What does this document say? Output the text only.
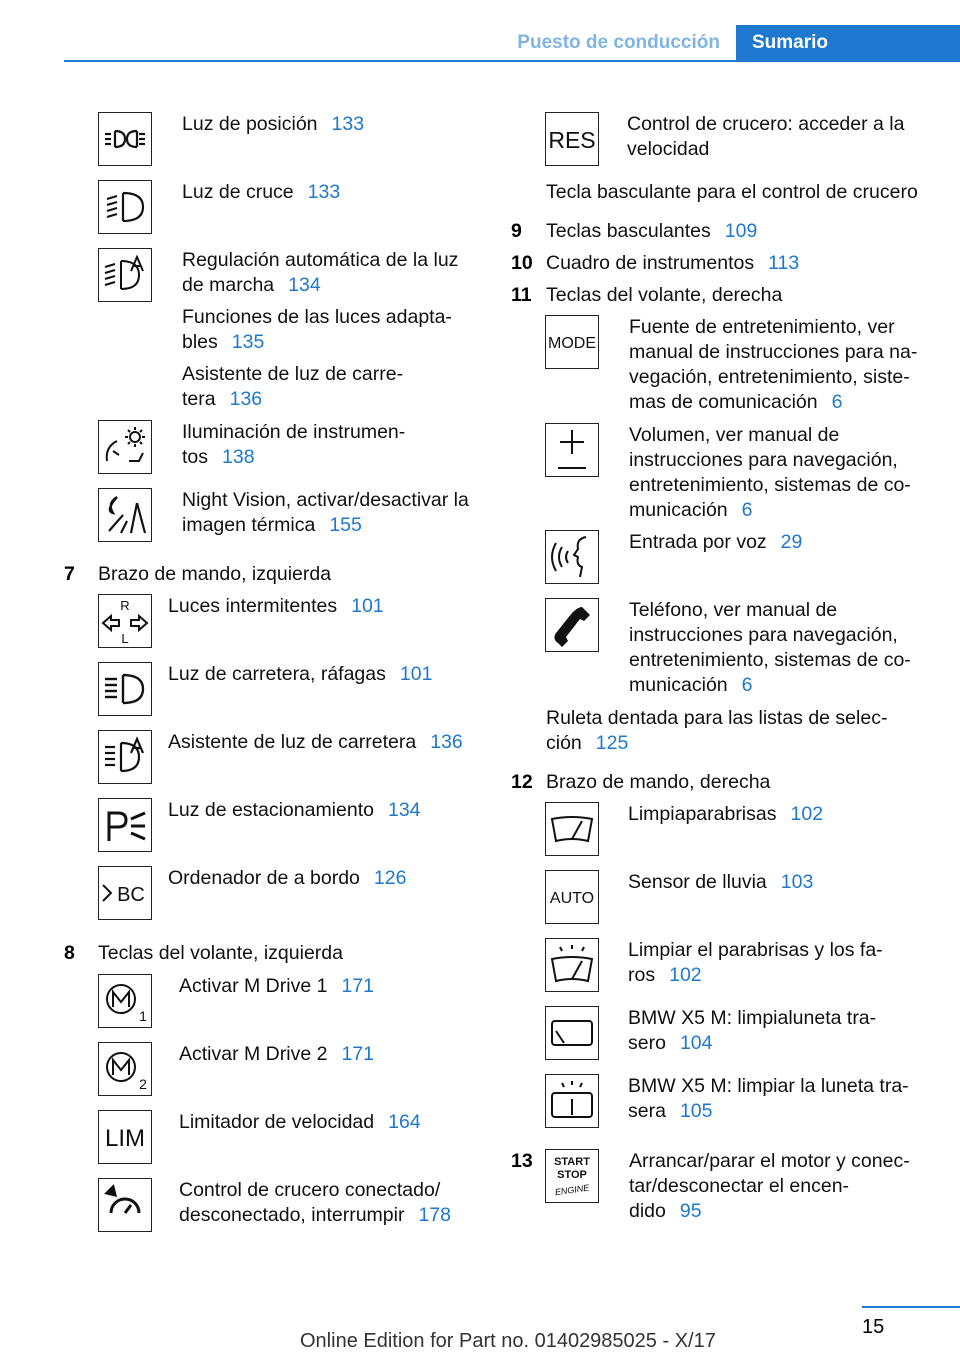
Puesto de conducción	Sumario
Luz de posición 133
Luz de cruce 133
Regulación automática de la luz
de marcha 134
Funciones de las luces adapta-
bles 135
Asistente de luz de carre-
tera 136
Iluminación de instrumen-
tos 138
Night Vision, activar/desactivar la
imagen térmica 155
7 Brazo de mando, izquierda
R
L
Luces intermitentes 101
Luz de carretera, ráfagas 101
Asistente de luz de carretera 136
Luz de estacionamiento 134
BC
Ordenador de a bordo 126
8 Teclas del volante, izquierda
1
Activar M Drive 1 171
2
Activar M Drive 2 171
LIM
Limitador de velocidad 164
Control de crucero conectado/
desconectado, interrumpir 178
RES
Control de crucero: acceder a la
velocidad
Tecla basculante para el control de crucero
9 Teclas basculantes 109
10 Cuadro de instrumentos 113
11 Teclas del volante, derecha
MODE
Fuente de entretenimiento, ver
manual de instrucciones para na-
vegación, entretenimiento, siste-
mas de comunicación 6
Volumen, ver manual de
instrucciones para navegación,
entretenimiento, sistemas de co-
municación 6
Entrada por voz 29
Teléfono, ver manual de
instrucciones para navegación,
entretenimiento, sistemas de co-
municación 6
Ruleta dentada para las listas de selec-
ción 125
12 Brazo de mando, derecha
Limpiaparabrisas 102
AUTO
Sensor de lluvia 103
Limpiar el parabrisas y los fa-
ros 102
BMW X5 M: limpialuneta tra-
sero 104
BMW X5 M: limpiar la luneta tra-
sera 105
13 START
STOP
ENGINE
Arrancar/parar el motor y conec-
tar/desconectar el encen-
dido 95
15
Online Edition for Part no. 01402985025 - X/17
